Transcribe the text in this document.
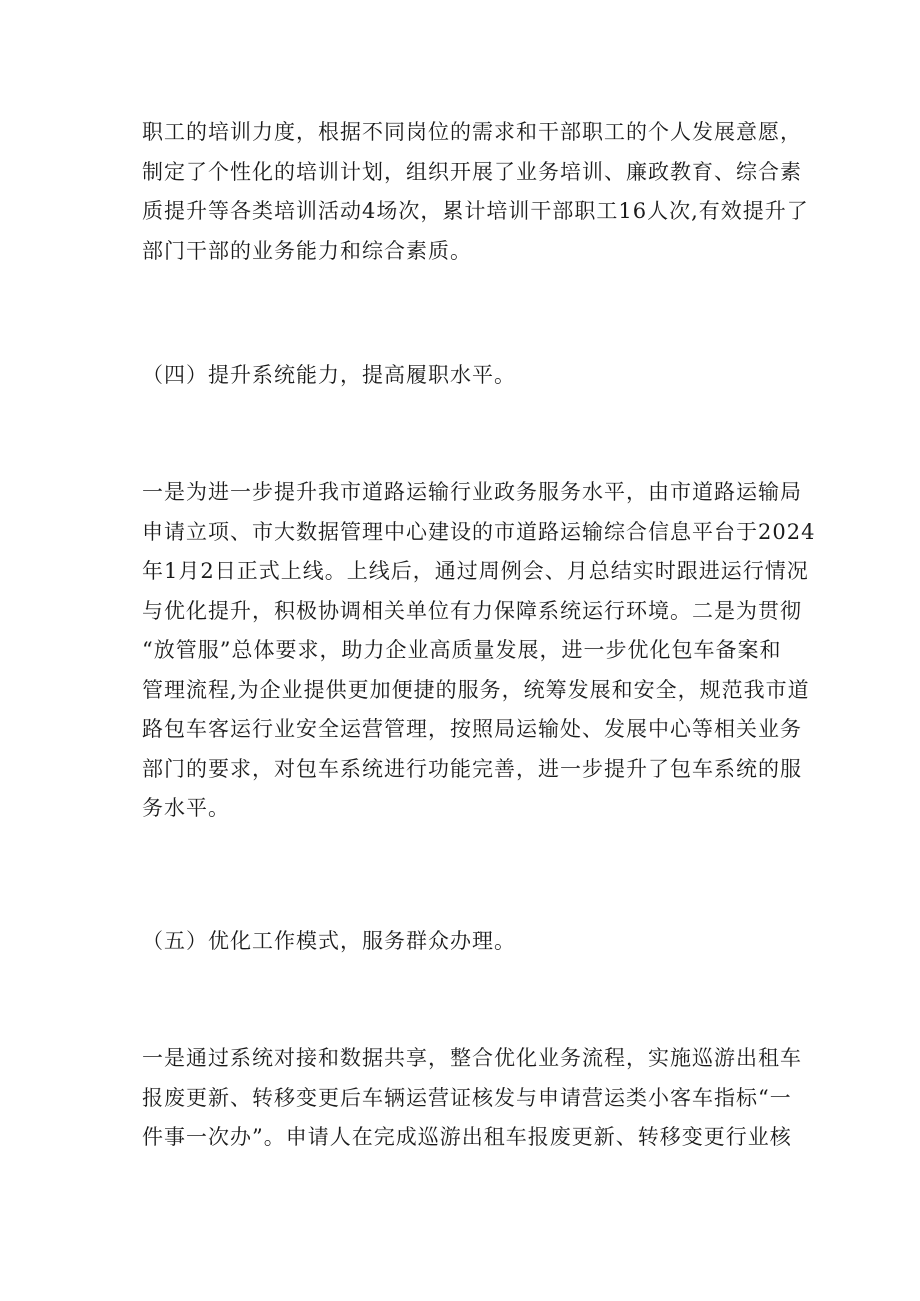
职工的培训力度，根据不同岗位的需求和干部职工的个人发展意愿，
制定了个性化的培训计划，组织开展了业务培训、廉政教育、综合素
质提升等各类培训活动4场次，累计培训干部职工16人次,有效提升了
部门干部的业务能力和综合素质。

（四）提升系统能力，提高履职水平。

一是为进一步提升我市道路运输行业政务服务水平，由市道路运输局
申请立项、市大数据管理中心建设的市道路运输综合信息平台于2024
年1月2日正式上线。上线后，通过周例会、月总结实时跟进运行情况
与优化提升，积极协调相关单位有力保障系统运行环境。二是为贯彻
“放管服”总体要求，助力企业高质量发展，进一步优化包车备案和
管理流程,为企业提供更加便捷的服务，统筹发展和安全，规范我市道
路包车客运行业安全运营管理，按照局运输处、发展中心等相关业务
部门的要求，对包车系统进行功能完善，进一步提升了包车系统的服
务水平。

（五）优化工作模式，服务群众办理。

一是通过系统对接和数据共享，整合优化业务流程，实施巡游出租车
报废更新、转移变更后车辆运营证核发与申请营运类小客车指标“一
件事一次办”。申请人在完成巡游出租车报废更新、转移变更行业核
